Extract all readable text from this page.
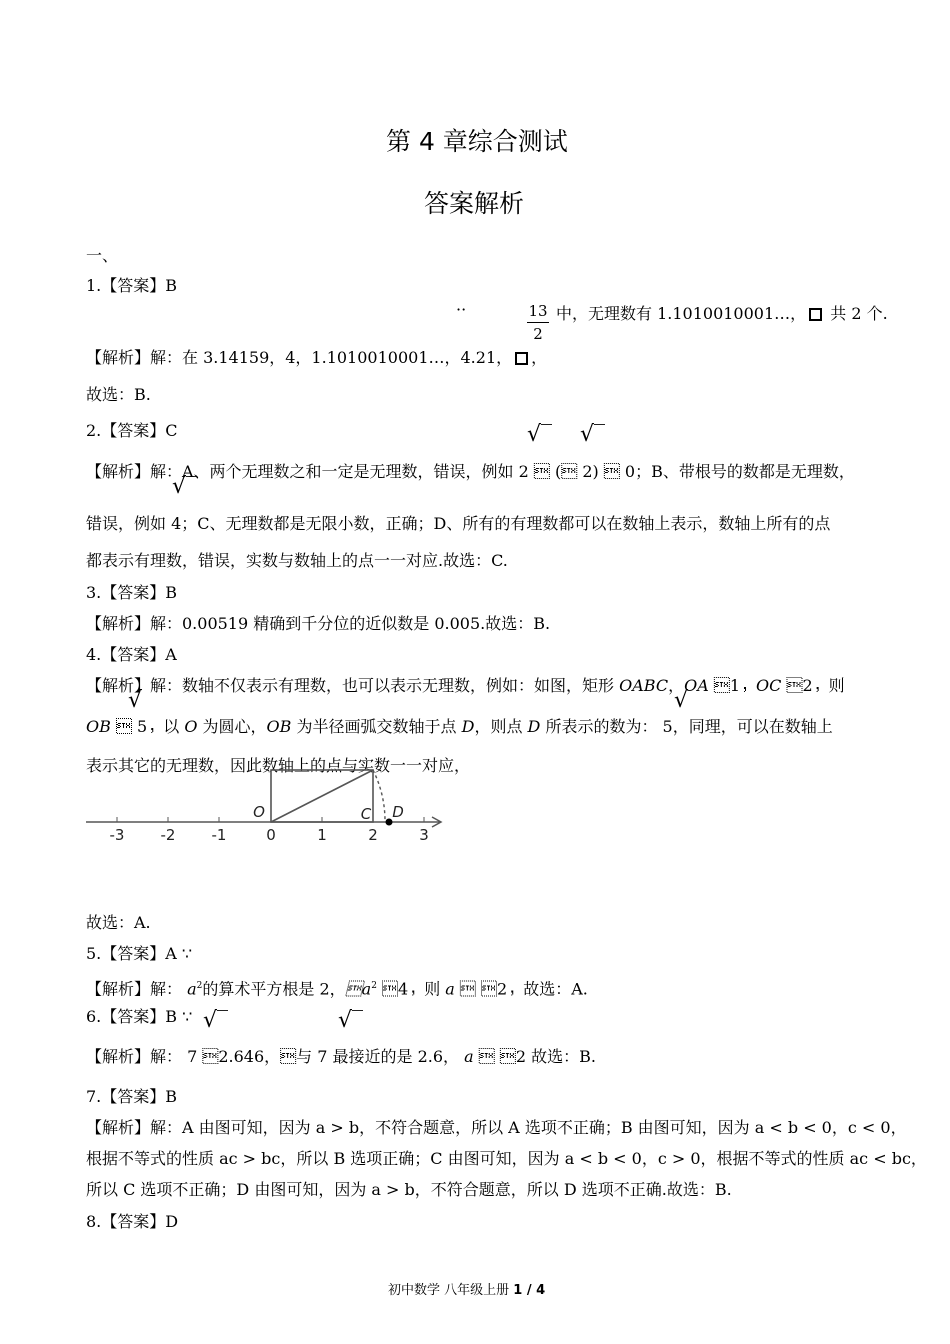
第 4 章综合测试
答案解析
一、
1.【答案】B
··	13
2
中，无理数有 1.1010010001…， 共 2 个.
【解析】解：在 3.14159，4，1.1010010001…，4.21， ，
故选：B.
2.【答案】C	√‾ √‾
【解析】解：A、两个无理数之和一定是无理数，错误，例如 2  ( 2)  0；B、带根号的数都是无理数，
√‾
错误，例如 4；C、无理数都是无限小数，正确；D、所有的有理数都可以在数轴上表示，数轴上所有的点
都表示有理数，错误，实数与数轴上的点一一对应.故选：C.
3.【答案】B
【解析】解：0.00519 精确到千分位的近似数是 0.005.故选：B.
4.【答案】A
【解析】解：数轴不仅表示有理数，也可以表示无理数，例如：如图，矩形 OABC，OA 1，OC 2，则
√	√
OB  5，以 O 为圆心，OB 为半径画弧交数轴于点 D，则点 D 所表示的数为： 5，同理，可以在数轴上
表示其它的无理数，因此数轴上的点与实数一一对应，
-3 -2 -1	0	1	2	3
O	C D
故选：A.
5.【答案】A ∵
【解析】解： $a^2$的算术平方根是 2，$a^2$ 4，则 a  2，故选：A.
6.【答案】B ∵ √‾	√‾
【解析】解： 7 2.646，与 7 最接近的是 2.6， a  2 故选：B.
7.【答案】B
【解析】解：A 由图可知，因为 a > b，不符合题意，所以 A 选项不正确；B 由图可知，因为 a < b < 0，c < 0，
根据不等式的性质 ac > bc，所以 B 选项正确；C 由图可知，因为 a < b < 0，c > 0，根据不等式的性质 ac < bc，
所以 C 选项不正确；D 由图可知，因为 a > b，不符合题意，所以 D 选项不正确.故选：B.
8.【答案】D
初中数学 八年级上册 1 / 4
